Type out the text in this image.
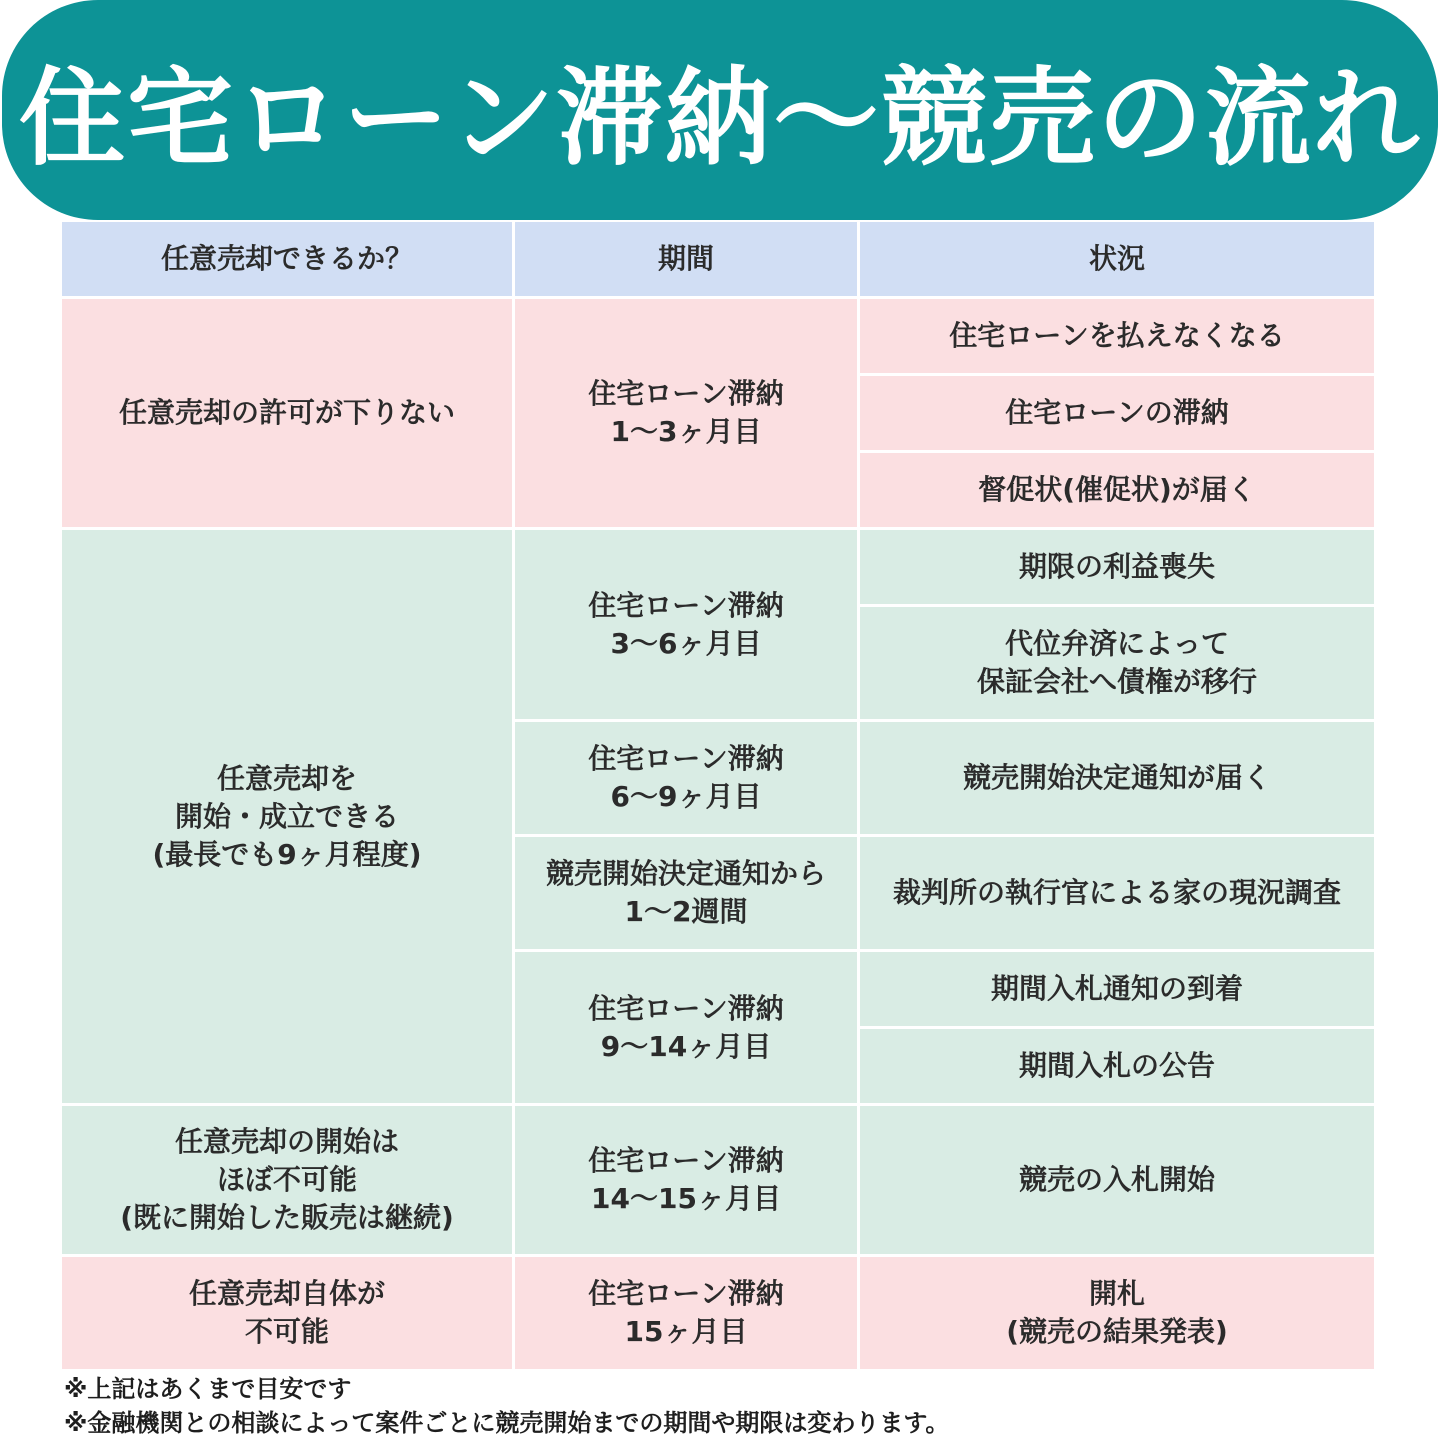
住宅ローン滞納〜競売の流れ
任意売却できるか？	期間	状況
任意売却の許可が下りない
任意売却を
開始・成立できる
(最長でも9ヶ月程度)
任意売却の開始は
ほぼ不可能
(既に開始した販売は継続)
任意売却自体が
不可能
住宅ローン滞納
1〜3ヶ月目
住宅ローン滞納
3〜6ヶ月目
住宅ローン滞納
6〜9ヶ月目
競売開始決定通知から
1〜2週間
住宅ローン滞納
9〜14ヶ月目
住宅ローン滞納
14〜15ヶ月目
住宅ローン滞納
15ヶ月目
住宅ローンを払えなくなる
住宅ローンの滞納
督促状(催促状)が届く
期限の利益喪失
代位弁済によって
保証会社へ債権が移行
競売開始決定通知が届く
裁判所の執行官による家の現況調査
期間入札通知の到着
期間入札の公告
競売の入札開始
開札
(競売の結果発表)
※上記はあくまで目安です
※金融機関との相談によって案件ごとに競売開始までの期間や期限は変わります。
